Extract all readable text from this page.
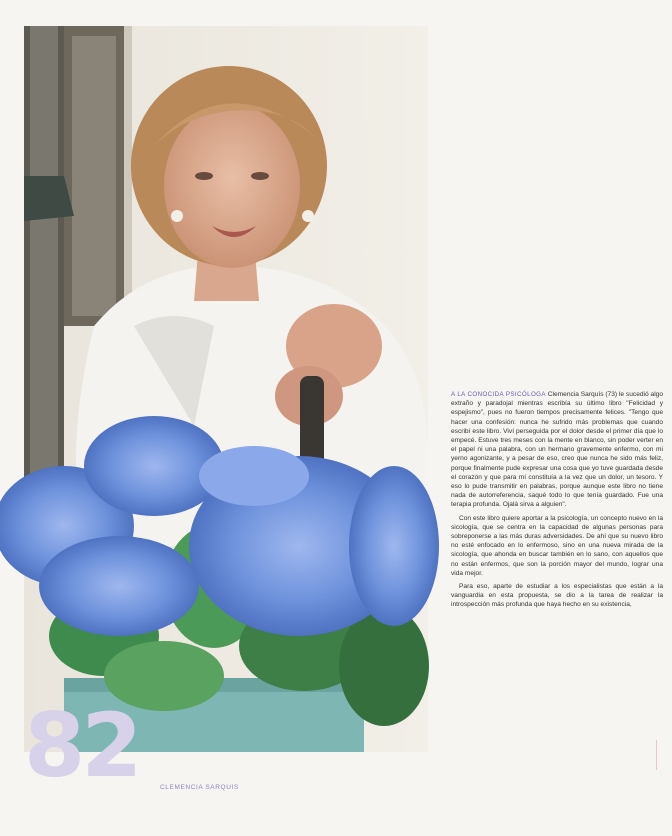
A LA CONOCIDA PSICÓLOGA Clemencia Sarquís (73) le sucedió algo extraño y paradojal mientras escribía su último libro "Felicidad y espejismo", pues no fueron tiempos precisamente felices. "Tengo que hacer una confesión: nunca he sufrido más problemas que cuando escribí este libro. Viví perseguida por el dolor desde el primer día que lo empecé. Estuve tres meses con la mente en blanco, sin poder verter en el papel ni una palabra, con un hermano gravemente enfermo, con mi yerno agonizante, y a pesar de eso, creo que nunca he sido más feliz, porque finalmente pude expresar una cosa que yo tuve guardada desde el corazón y que para mí constituía a la vez que un dolor, un tesoro. Y eso lo pude transmitir en palabras, porque aunque este libro no tiene nada de autorreferencia, saqué todo lo que tenía guardado. Fue una terapia profunda. Ojalá sirva a alguien".

Con este libro quiere aportar a la psicología, un concepto nuevo en la sicología, que se centra en la capacidad de algunas personas para sobreponerse a las más duras adversidades. De ahí que su nuevo libro no esté enfocado en lo enfermoso, sino en una nueva mirada de la sicología, que ahonda en buscar también en lo sano, con aquellos que no están enfermos, que son la porción mayor del mundo, lograr una vida mejor.

Para eso, aparte de estudiar a los especialistas que están a la vanguardia en esta propuesta, se dio a la tarea de realizar la introspección más profunda que haya hecho en su existencia,

82	CLEMENCIA SARQUIS
